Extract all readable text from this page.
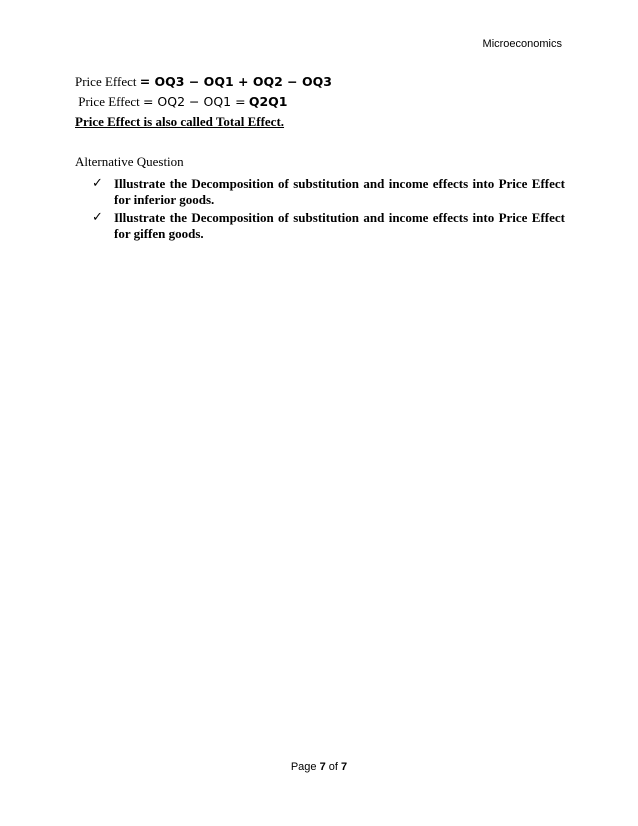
Microeconomics
Price Effect = OQ3 − OQ1 + OQ2 − OQ3
Price Effect = OQ2 − OQ1 = Q2Q1
Price Effect is also called Total Effect.
Alternative Question
✓ Illustrate the Decomposition of substitution and income effects into Price Effect for inferior goods.
✓ Illustrate the Decomposition of substitution and income effects into Price Effect for giffen goods.
Page 7 of 7
